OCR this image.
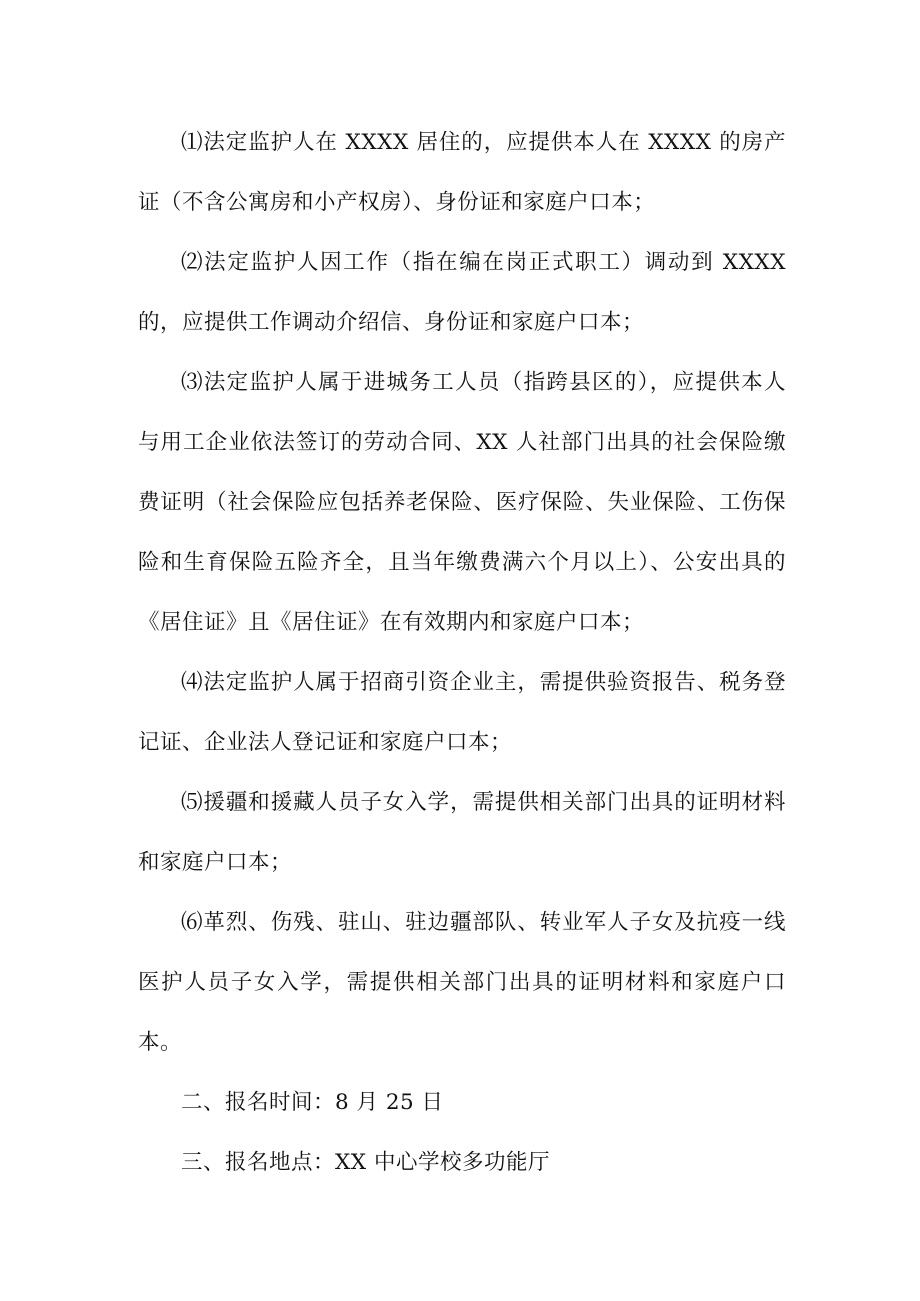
⑴法定监护人在 XXXX 居住的，应提供本人在 XXXX 的房产证（不含公寓房和小产权房）、身份证和家庭户口本；

⑵法定监护人因工作（指在编在岗正式职工）调动到 XXXX 的，应提供工作调动介绍信、身份证和家庭户口本；

⑶法定监护人属于进城务工人员（指跨县区的），应提供本人与用工企业依法签订的劳动合同、XX 人社部门出具的社会保险缴费证明（社会保险应包括养老保险、医疗保险、失业保险、工伤保险和生育保险五险齐全，且当年缴费满六个月以上）、公安出具的《居住证》且《居住证》在有效期内和家庭户口本；

⑷法定监护人属于招商引资企业主，需提供验资报告、税务登记证、企业法人登记证和家庭户口本；

⑸援疆和援藏人员子女入学，需提供相关部门出具的证明材料和家庭户口本；

⑹革烈、伤残、驻山、驻边疆部队、转业军人子女及抗疫一线医护人员子女入学，需提供相关部门出具的证明材料和家庭户口本。

二、报名时间：8 月 25 日

三、报名地点：XX 中心学校多功能厅
